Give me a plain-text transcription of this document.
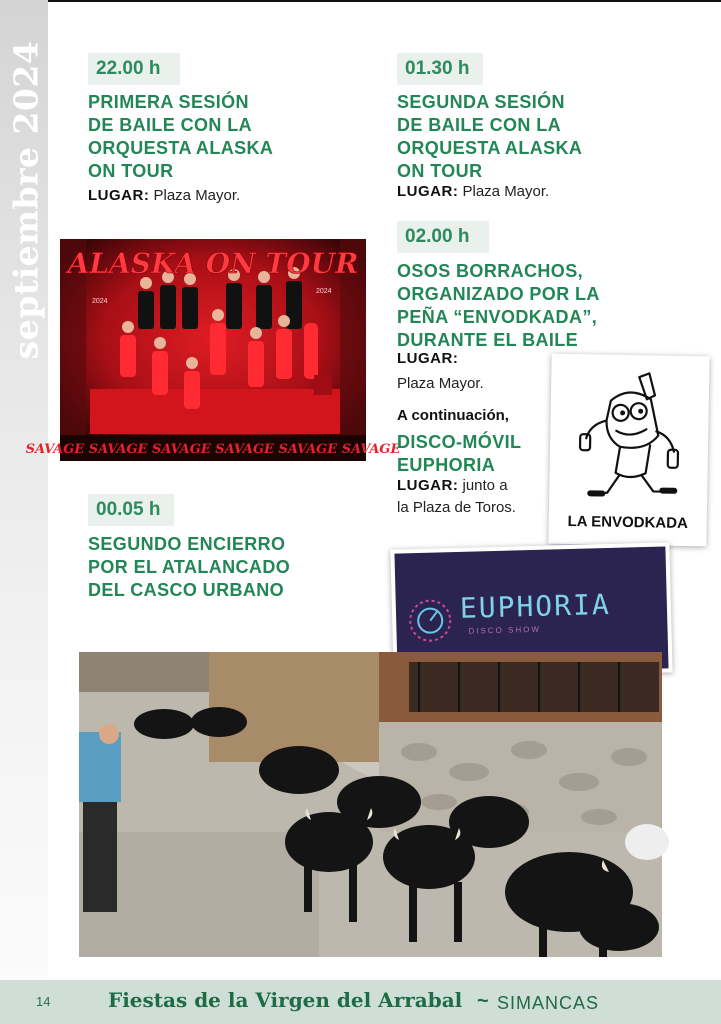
septiembre 2024	22.00 h
PRIMERA SESIÓN
DE BAILE CON LA
ORQUESTA ALASKA
ON TOUR
LUGAR: Plaza Mayor.
ALASKA ON TOUR
2024
2024
SAVAGE SAVAGE SAVAGE SAVAGE SAVAGE SAVAGE
00.05 h
SEGUNDO ENCIERRO
POR EL ATALANCADO
DEL CASCO URBANO
01.30 h
SEGUNDA SESIÓN
DE BAILE CON LA
ORQUESTA ALASKA
ON TOUR
LUGAR: Plaza Mayor.
02.00 h
OSOS BORRACHOS,
ORGANIZADO POR LA
PEÑA “ENVODKADA”,
DURANTE EL BAILE
LUGAR:
Plaza Mayor.
A continuación,
DISCO-MÓVIL
EUPHORIA
LUGAR: junto a
la Plaza de Toros.
LA ENVODKADA
EUPHORIA
DISCO SHOW
14	Fiestas de la Virgen del Arrabal ~ SIMANCAS
